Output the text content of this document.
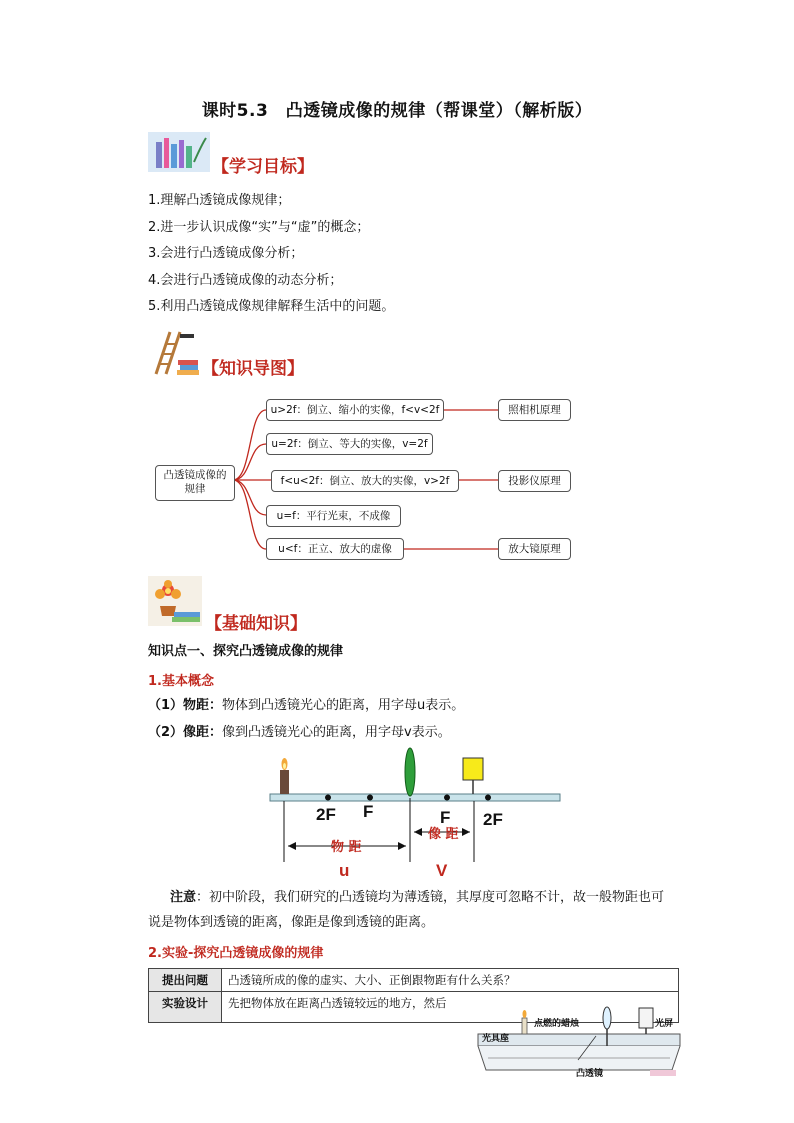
课时5.3　凸透镜成像的规律（帮课堂）（解析版）
【学习目标】
1.理解凸透镜成像规律；
2.进一步认识成像“实”与“虚”的概念；
3.会进行凸透镜成像分析；
4.会进行凸透镜成像的动态分析；
5.利用凸透镜成像规律解释生活中的问题。
【知识导图】
凸透镜成像的
规律
u>2f：倒立、缩小的实像，f<v<2f
u=2f：倒立、等大的实像，v=2f
f<u<2f：倒立、放大的实像，v>2f
u=f：平行光束，不成像
u<f：正立、放大的虚像
照相机原理
投影仪原理
放大镜原理
【基础知识】
知识点一、探究凸透镜成像的规律
1.基本概念
（1）物距：物体到凸透镜光心的距离，用字母u表示。
（2）像距：像到凸透镜光心的距离，用字母v表示。
2F F	F 2F
物 距
像 距
u	V
注意：初中阶段，我们研究的凸透镜均为薄透镜，其厚度可忽略不计，故一般物距也可
说是物体到透镜的距离，像距是像到透镜的距离。
2.实验-探究凸透镜成像的规律
提出问题	凸透镜所成的像的虚实、大小、正倒跟物距有什么关系？
实验设计	先把物体放在距离凸透镜较远的地方，然后
点燃的蜡烛	光屏
光具座
凸透镜
